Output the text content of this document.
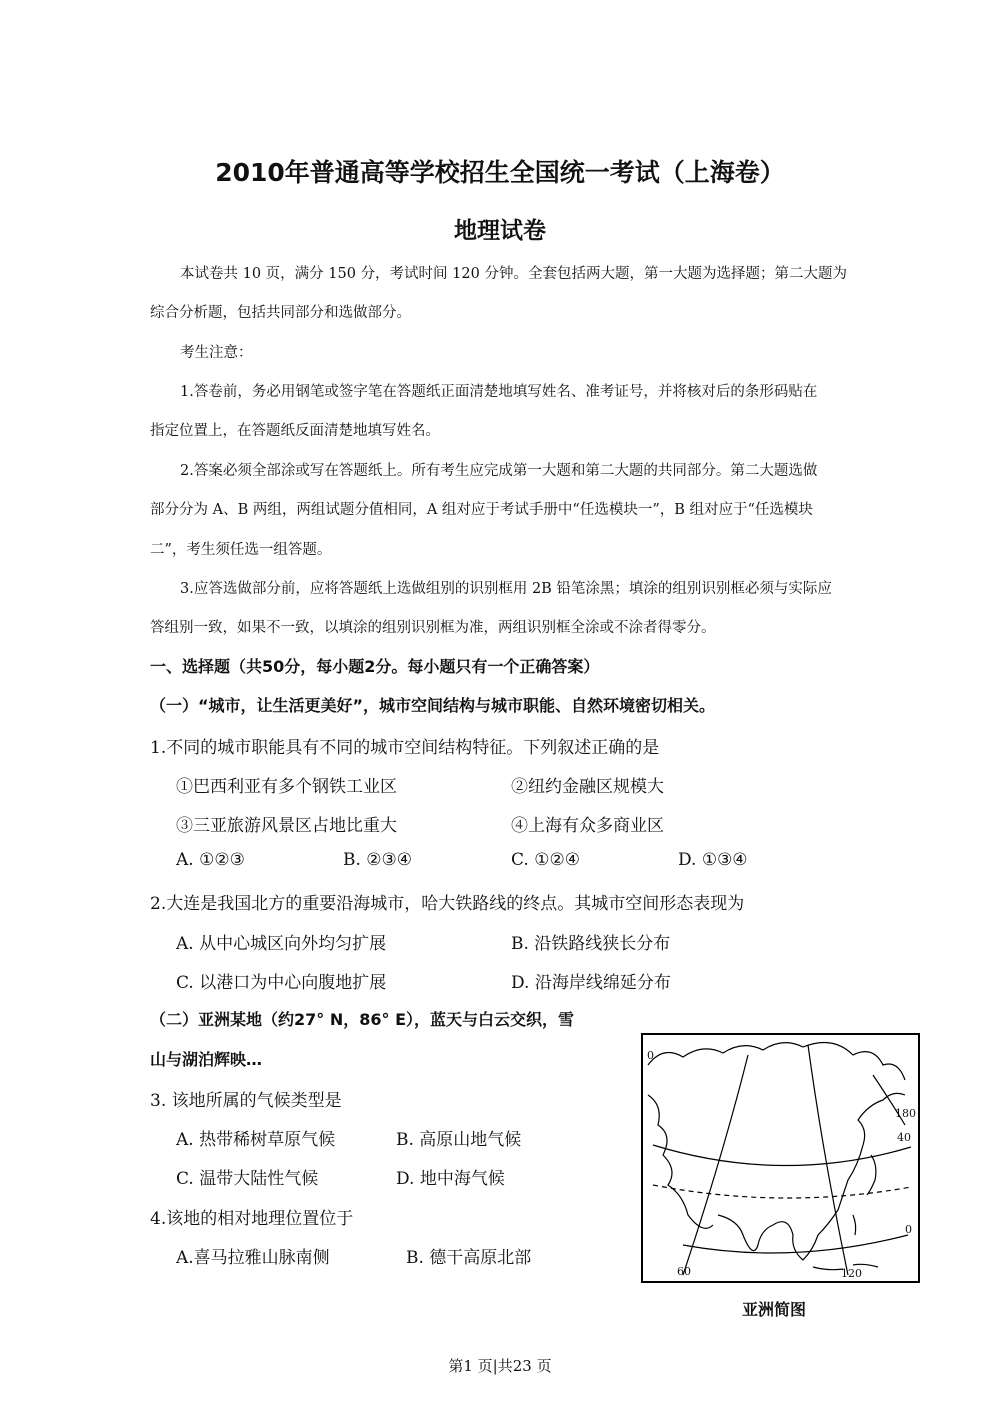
2010年普通高等学校招生全国统一考试（上海卷）
地理试卷
本试卷共 10 页，满分 150 分，考试时间 120 分钟。全套包括两大题，第一大题为选择题；第二大题为
综合分析题，包括共同部分和选做部分。
考生注意：
1.答卷前，务必用钢笔或签字笔在答题纸正面清楚地填写姓名、准考证号，并将核对后的条形码贴在
指定位置上，在答题纸反面清楚地填写姓名。
2.答案必须全部涂或写在答题纸上。所有考生应完成第一大题和第二大题的共同部分。第二大题选做
部分分为 A、B 两组，两组试题分值相同，A 组对应于考试手册中“任选模块一”，B 组对应于“任选模块
二”，考生须任选一组答题。
3.应答选做部分前，应将答题纸上选做组别的识别框用 2B 铅笔涂黑；填涂的组别识别框必须与实际应
答组别一致，如果不一致，以填涂的组别识别框为准，两组识别框全涂或不涂者得零分。
一、选择题（共50分，每小题2分。每小题只有一个正确答案）
（一）“城市，让生活更美好”，城市空间结构与城市职能、自然环境密切相关。
1.不同的城市职能具有不同的城市空间结构特征。下列叙述正确的是
①巴西利亚有多个钢铁工业区	②纽约金融区规模大
③三亚旅游风景区占地比重大	④上海有众多商业区
A. ①②③	B. ②③④	C. ①②④	D. ①③④
2.大连是我国北方的重要沿海城市，哈大铁路线的终点。其城市空间形态表现为
A. 从中心城区向外均匀扩展	B. 沿铁路线狭长分布
C. 以港口为中心向腹地扩展	D. 沿海岸线绵延分布
（二）亚洲某地（约27° N，86° E），蓝天与白云交织，雪
山与湖泊辉映…
3. 该地所属的气候类型是
A. 热带稀树草原气候	B. 高原山地气候
C. 温带大陆性气候	D. 地中海气候
4.该地的相对地理位置位于
A.喜马拉雅山脉南侧	B. 德干高原北部
0
180
40
0
60	120
亚洲简图
第1 页|共23 页
